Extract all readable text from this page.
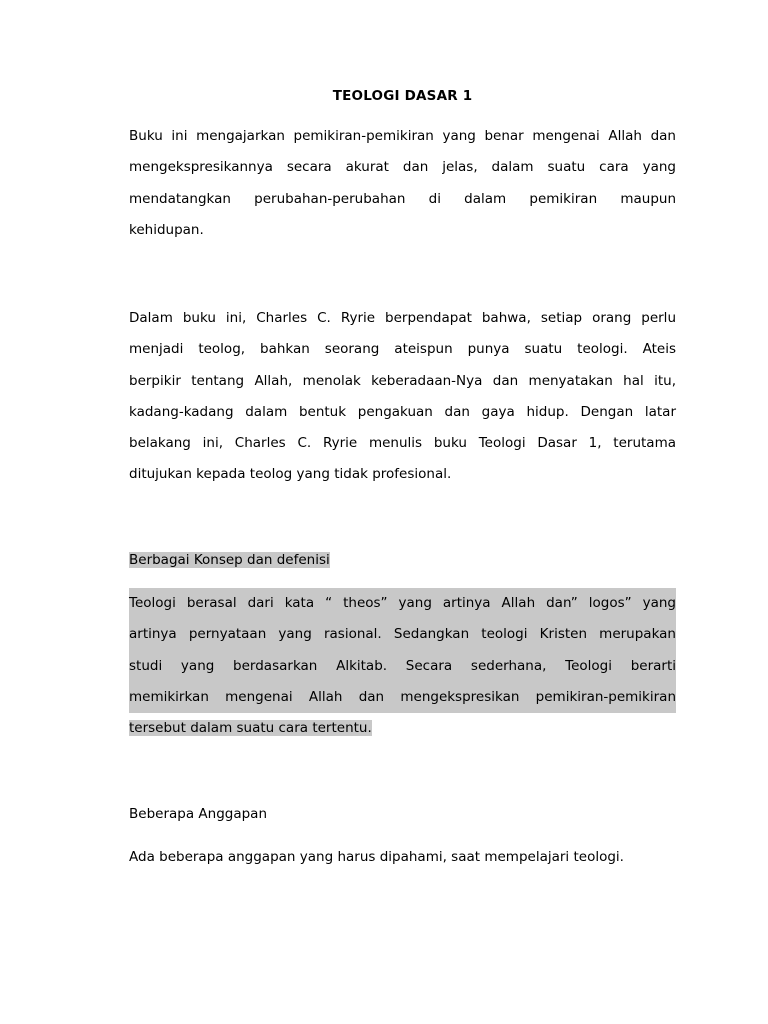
TEOLOGI DASAR 1
Buku ini mengajarkan pemikiran-pemikiran yang benar mengenai Allah dan
mengekspresikannya secara akurat dan jelas, dalam suatu cara yang
mendatangkan perubahan-perubahan di dalam pemikiran maupun
kehidupan.
Dalam buku ini, Charles C. Ryrie berpendapat bahwa, setiap orang perlu
menjadi teolog, bahkan seorang ateispun punya suatu teologi. Ateis
berpikir tentang Allah, menolak keberadaan-Nya dan menyatakan hal itu,
kadang-kadang dalam bentuk pengakuan dan gaya hidup. Dengan latar
belakang ini, Charles C. Ryrie menulis buku Teologi Dasar 1, terutama
ditujukan kepada teolog yang tidak profesional.
Berbagai Konsep dan defenisi
Teologi berasal dari kata “ theos” yang artinya Allah dan” logos” yang
artinya pernyataan yang rasional. Sedangkan teologi Kristen merupakan
studi yang berdasarkan Alkitab. Secara sederhana, Teologi berarti
memikirkan mengenai Allah dan mengekspresikan pemikiran-pemikiran
tersebut dalam suatu cara tertentu.
Beberapa Anggapan
Ada beberapa anggapan yang harus dipahami, saat mempelajari teologi.
